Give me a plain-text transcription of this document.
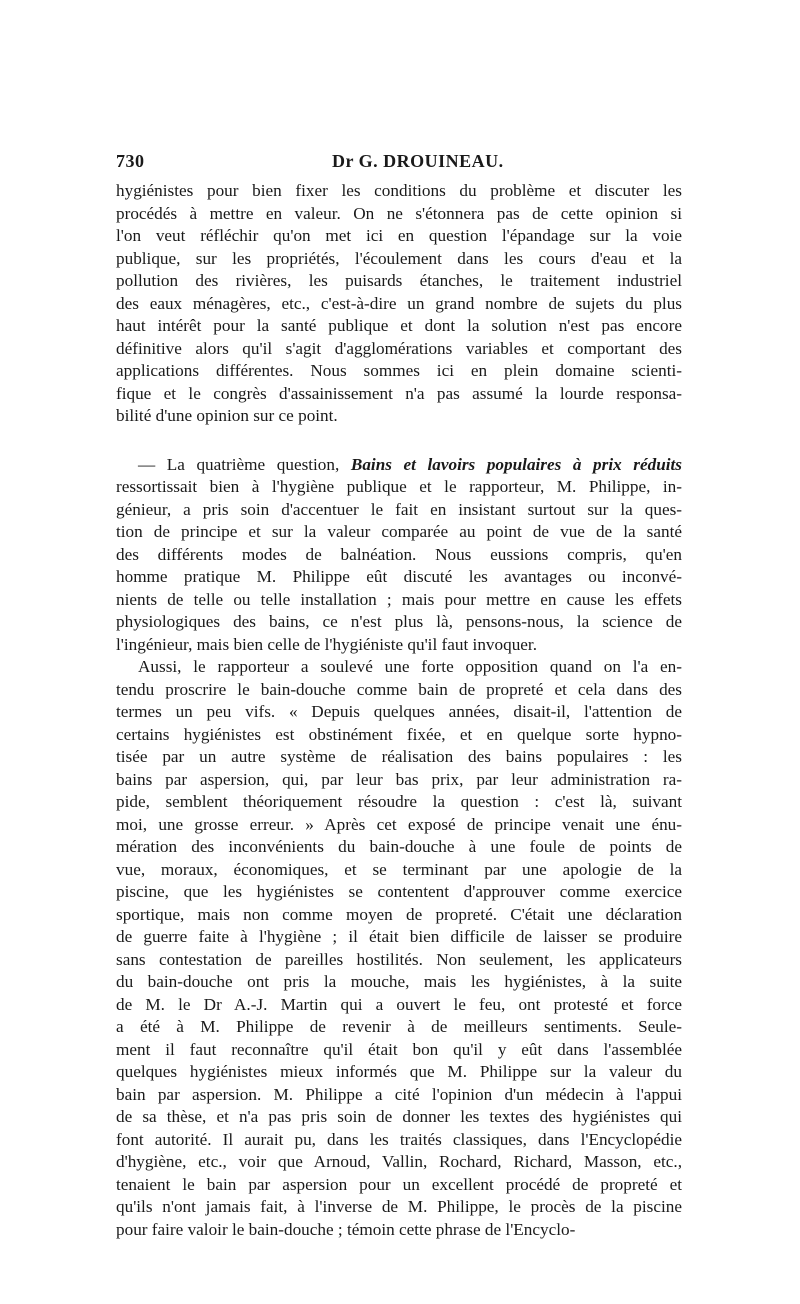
730	Dr G. DROUINEAU.
hygiénistes pour bien fixer les conditions du problème et discuter les
procédés à mettre en valeur. On ne s'étonnera pas de cette opinion si
l'on veut réfléchir qu'on met ici en question l'épandage sur la voie
publique, sur les propriétés, l'écoulement dans les cours d'eau et la
pollution des rivières, les puisards étanches, le traitement industriel
des eaux ménagères, etc., c'est-à-dire un grand nombre de sujets du plus
haut intérêt pour la santé publique et dont la solution n'est pas encore
définitive alors qu'il s'agit d'agglomérations variables et comportant des
applications différentes. Nous sommes ici en plein domaine scienti-
fique et le congrès d'assainissement n'a pas assumé la lourde responsa-
bilité d'une opinion sur ce point.
— La quatrième question, Bains et lavoirs populaires à prix réduits
ressortissait bien à l'hygiène publique et le rapporteur, M. Philippe, in-
génieur, a pris soin d'accentuer le fait en insistant surtout sur la ques-
tion de principe et sur la valeur comparée au point de vue de la santé
des différents modes de balnéation. Nous eussions compris, qu'en
homme pratique M. Philippe eût discuté les avantages ou inconvé-
nients de telle ou telle installation ; mais pour mettre en cause les effets
physiologiques des bains, ce n'est plus là, pensons-nous, la science de
l'ingénieur, mais bien celle de l'hygiéniste qu'il faut invoquer.
Aussi, le rapporteur a soulevé une forte opposition quand on l'a en-
tendu proscrire le bain-douche comme bain de propreté et cela dans des
termes un peu vifs. « Depuis quelques années, disait-il, l'attention de
certains hygiénistes est obstinément fixée, et en quelque sorte hypno-
tisée par un autre système de réalisation des bains populaires : les
bains par aspersion, qui, par leur bas prix, par leur administration ra-
pide, semblent théoriquement résoudre la question : c'est là, suivant
moi, une grosse erreur. » Après cet exposé de principe venait une énu-
mération des inconvénients du bain-douche à une foule de points de
vue, moraux, économiques, et se terminant par une apologie de la
piscine, que les hygiénistes se contentent d'approuver comme exercice
sportique, mais non comme moyen de propreté. C'était une déclaration
de guerre faite à l'hygiène ; il était bien difficile de laisser se produire
sans contestation de pareilles hostilités. Non seulement, les applicateurs
du bain-douche ont pris la mouche, mais les hygiénistes, à la suite
de M. le Dr A.-J. Martin qui a ouvert le feu, ont protesté et force
a été à M. Philippe de revenir à de meilleurs sentiments. Seule-
ment il faut reconnaître qu'il était bon qu'il y eût dans l'assemblée
quelques hygiénistes mieux informés que M. Philippe sur la valeur du
bain par aspersion. M. Philippe a cité l'opinion d'un médecin à l'appui
de sa thèse, et n'a pas pris soin de donner les textes des hygiénistes qui
font autorité. Il aurait pu, dans les traités classiques, dans l'Encyclopédie
d'hygiène, etc., voir que Arnoud, Vallin, Rochard, Richard, Masson, etc.,
tenaient le bain par aspersion pour un excellent procédé de propreté et
qu'ils n'ont jamais fait, à l'inverse de M. Philippe, le procès de la piscine
pour faire valoir le bain-douche ; témoin cette phrase de l'Encyclo-
